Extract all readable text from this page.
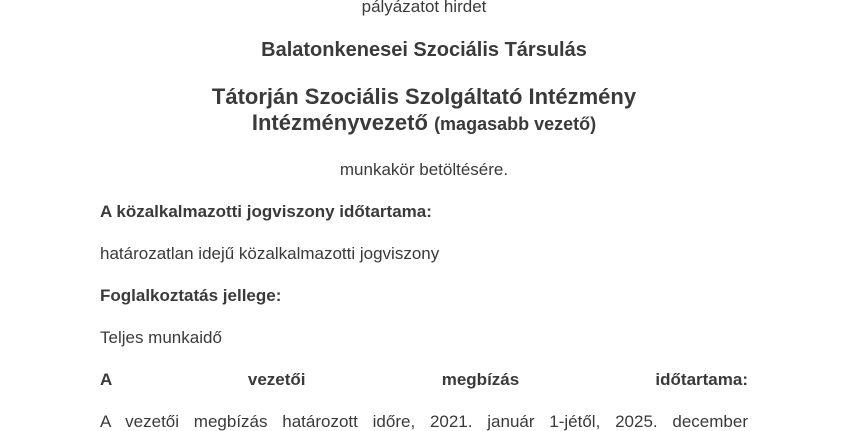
pályázatot hirdet

Balatonkenesei Szociális Társulás

Tátorján Szociális Szolgáltató Intézmény
Intézményvezető (magasabb vezető)

munkakör betöltésére.

A közalkalmazotti jogviszony időtartama:

határozatlan idejű közalkalmazotti jogviszony

Foglalkoztatás jellege:

Teljes munkaidő

A vezetői megbízás időtartama:

A vezetői megbízás határozott időre, 2021. január 1-jétől, 2025. december
